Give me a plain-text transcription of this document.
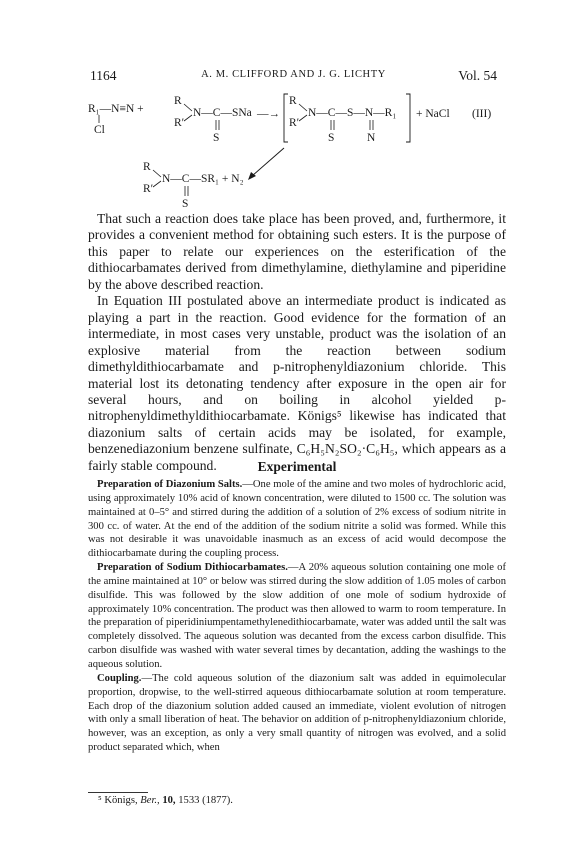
1164	A. M. CLIFFORD AND J. G. LICHTY	Vol. 54
R₁—N≡N +
Cl
R
R′
N—C—SNa
S
—→
R
R′
N—C—S—N—R₁
S	N
+ NaCl (III)
R
R′
N—C—SR₁ + N₂
S

That such a reaction does take place has been proved, and, furthermore, it provides a convenient method for obtaining such esters. It is the purpose of this paper to relate our experiences on the esterification of the dithiocarbamates derived from dimethylamine, diethylamine and piperidine by the above described reaction.

In Equation III postulated above an intermediate product is indicated as playing a part in the reaction. Good evidence for the formation of an intermediate, in most cases very unstable, product was the isolation of an explosive material from the reaction between sodium dimethyldithiocarbamate and p-nitrophenyldiazonium chloride. This material lost its detonating tendency after exposure in the open air for several hours, and on boiling in alcohol yielded p-nitrophenyldimethyldithiocarbamate. Königs⁵ likewise has indicated that diazonium salts of certain acids may be isolated, for example, benzenediazonium benzene sulfinate, C₆H₅N₂SO₂·C₆H₅, which appears as a fairly stable compound.	Experimental

Preparation of Diazonium Salts.—One mole of the amine and two moles of hydrochloric acid, using approximately 10% acid of known concentration, were diluted to 1500 cc. The solution was maintained at 0–5° and stirred during the addition of a solution of 2% excess of sodium nitrite in 300 cc. of water. At the end of the addition of the sodium nitrite a solid was formed. While this was not desirable it was unavoidable inasmuch as an excess of acid would decompose the dithiocarbamate during the coupling process.

Preparation of Sodium Dithiocarbamates.—A 20% aqueous solution containing one mole of the amine maintained at 10° or below was stirred during the slow addition of 1.05 moles of carbon disulfide. This was followed by the slow addition of one mole of sodium hydroxide of approximately 10% concentration. The product was then allowed to warm to room temperature. In the preparation of piperidiniumpentamethylenedithiocarbamate, water was added until the salt was completely dissolved. The aqueous solution was decanted from the excess carbon disulfide. This carbon disulfide was washed with water several times by decantation, adding the washings to the aqueous solution.

Coupling.—The cold aqueous solution of the diazonium salt was added in equimolecular proportion, dropwise, to the well-stirred aqueous dithiocarbamate solution at room temperature. Each drop of the diazonium solution added caused an immediate, violent evolution of nitrogen with only a small liberation of heat. The behavior on addition of p-nitrophenyldiazonium chloride, however, was an exception, as only a very small quantity of nitrogen was evolved, and a solid product separated which, when

⁵ Königs, Ber., 10, 1533 (1877).
